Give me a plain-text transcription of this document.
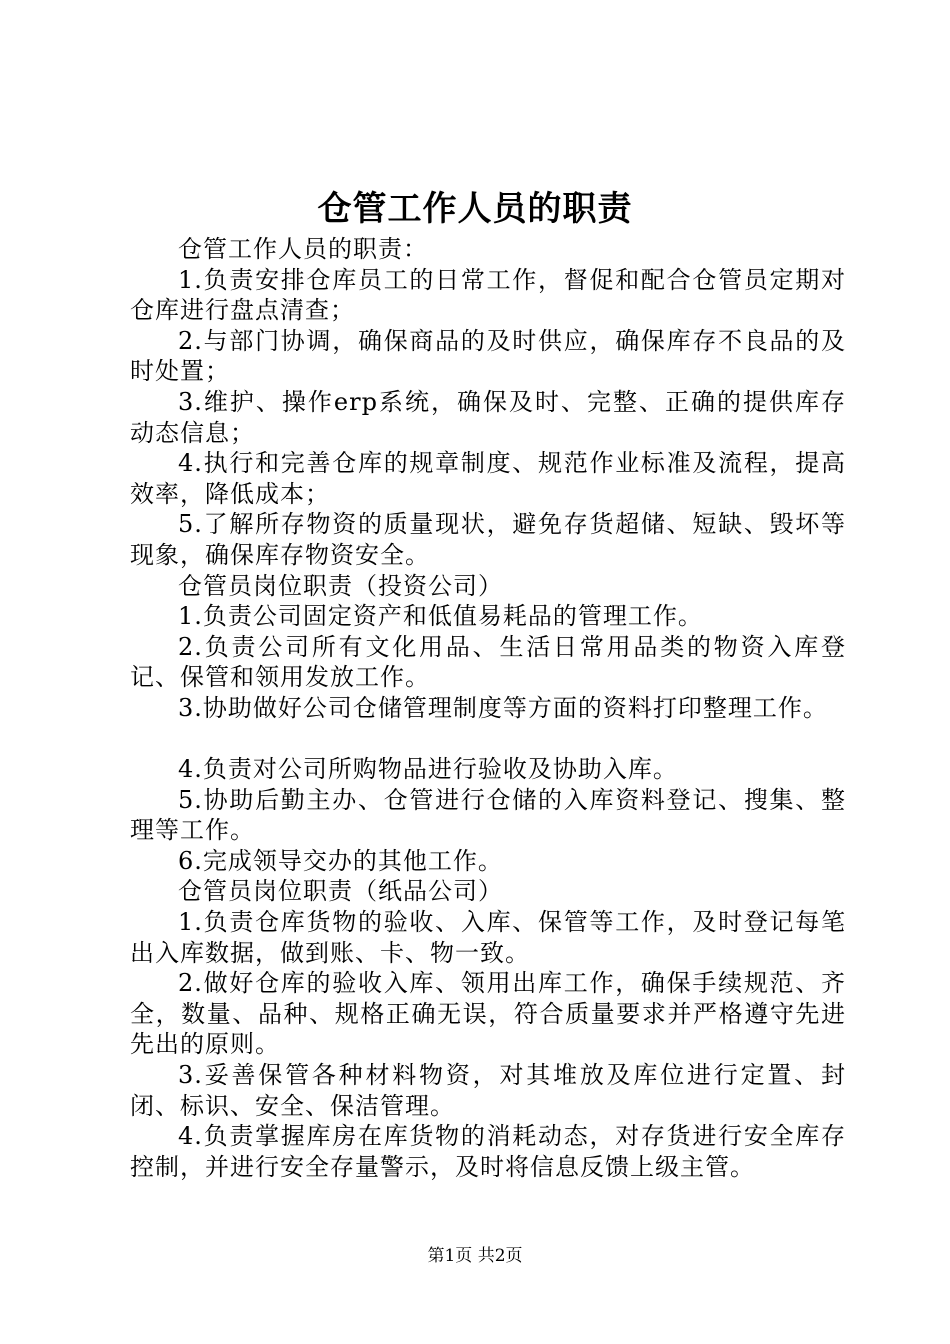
仓管工作人员的职责

仓管工作人员的职责：

1.负责安排仓库员工的日常工作，督促和配合仓管员定期对仓库进行盘点清查；

2.与部门协调，确保商品的及时供应，确保库存不良品的及时处置；

3.维护、操作erp系统，确保及时、完整、正确的提供库存动态信息；

4.执行和完善仓库的规章制度、规范作业标准及流程，提高效率，降低成本；

5.了解所存物资的质量现状，避免存货超储、短缺、毁坏等现象，确保库存物资安全。

仓管员岗位职责（投资公司）

1.负责公司固定资产和低值易耗品的管理工作。

2.负责公司所有文化用品、生活日常用品类的物资入库登记、保管和领用发放工作。

3.协助做好公司仓储管理制度等方面的资料打印整理工作。

4.负责对公司所购物品进行验收及协助入库。

5.协助后勤主办、仓管进行仓储的入库资料登记、搜集、整理等工作。

6.完成领导交办的其他工作。

仓管员岗位职责（纸品公司）

1.负责仓库货物的验收、入库、保管等工作，及时登记每笔出入库数据，做到账、卡、物一致。

2.做好仓库的验收入库、领用出库工作，确保手续规范、齐全，数量、品种、规格正确无误，符合质量要求并严格遵守先进先出的原则。

3.妥善保管各种材料物资，对其堆放及库位进行定置、封闭、标识、安全、保洁管理。

4.负责掌握库房在库货物的消耗动态，对存货进行安全库存控制，并进行安全存量警示，及时将信息反馈上级主管。

第1页 共2页
